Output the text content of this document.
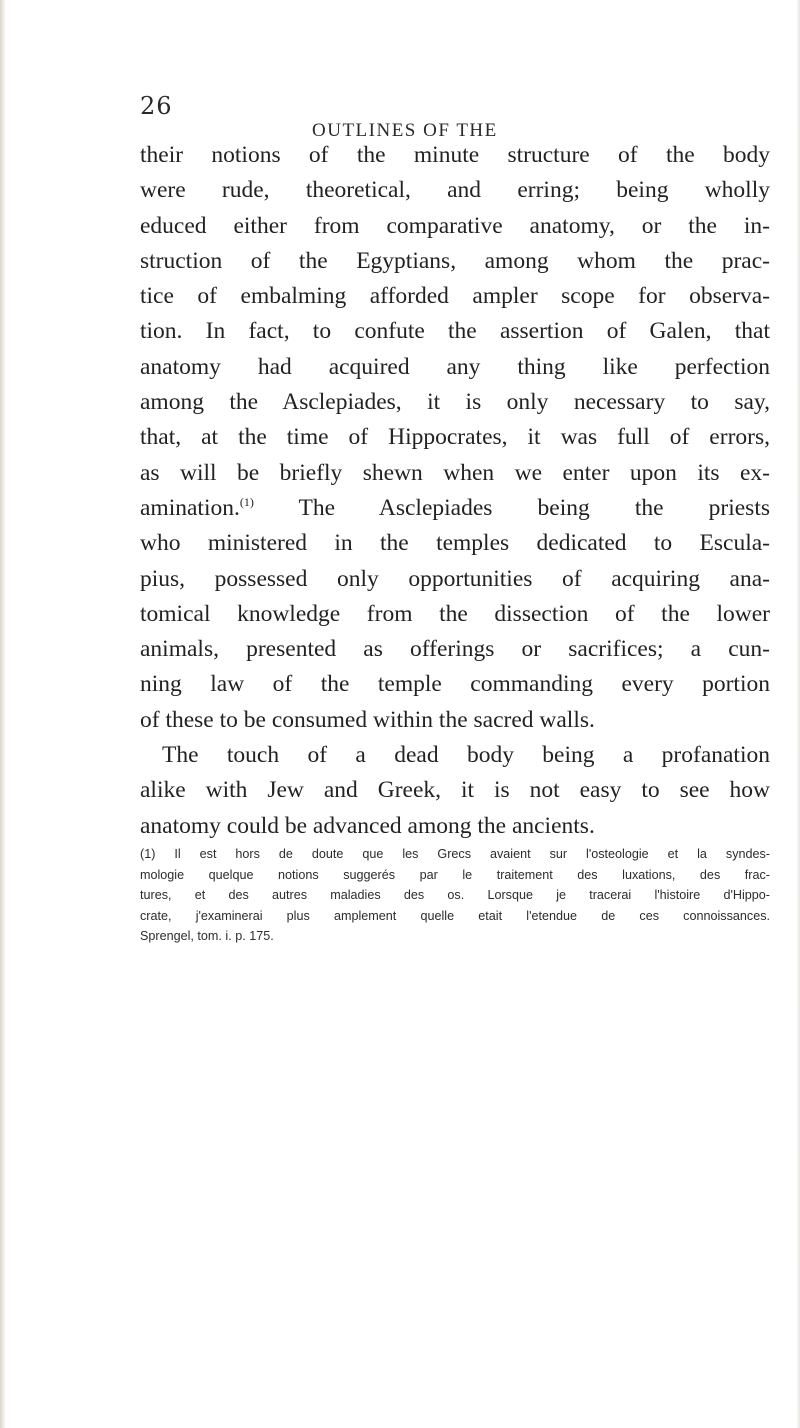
26
OUTLINES OF THE
their notions of the minute structure of the body
were rude, theoretical, and erring; being wholly
educed either from comparative anatomy, or the in-
struction of the Egyptians, among whom the prac-
tice of embalming afforded ampler scope for observa-
tion. In fact, to confute the assertion of Galen, that
anatomy had acquired any thing like perfection
among the Asclepiades, it is only necessary to say,
that, at the time of Hippocrates, it was full of errors,
as will be briefly shewn when we enter upon its ex-
amination.$^{(1)}$ The Asclepiades being the priests
who ministered in the temples dedicated to Escula-
pius, possessed only opportunities of acquiring ana-
tomical knowledge from the dissection of the lower
animals, presented as offerings or sacrifices; a cun-
ning law of the temple commanding every portion
of these to be consumed within the sacred walls.
The touch of a dead body being a profanation
alike with Jew and Greek, it is not easy to see how
anatomy could be advanced among the ancients.
(1) Il est hors de doute que les Grecs avaient sur l'osteologie et la syndes-
mologie quelque notions suggerés par le traitement des luxations, des frac-
tures, et des autres maladies des os. Lorsque je tracerai l'histoire d'Hippo-
crate, j'examinerai plus amplement quelle etait l'etendue de ces connoissances.
Sprengel, tom. i. p. 175.
